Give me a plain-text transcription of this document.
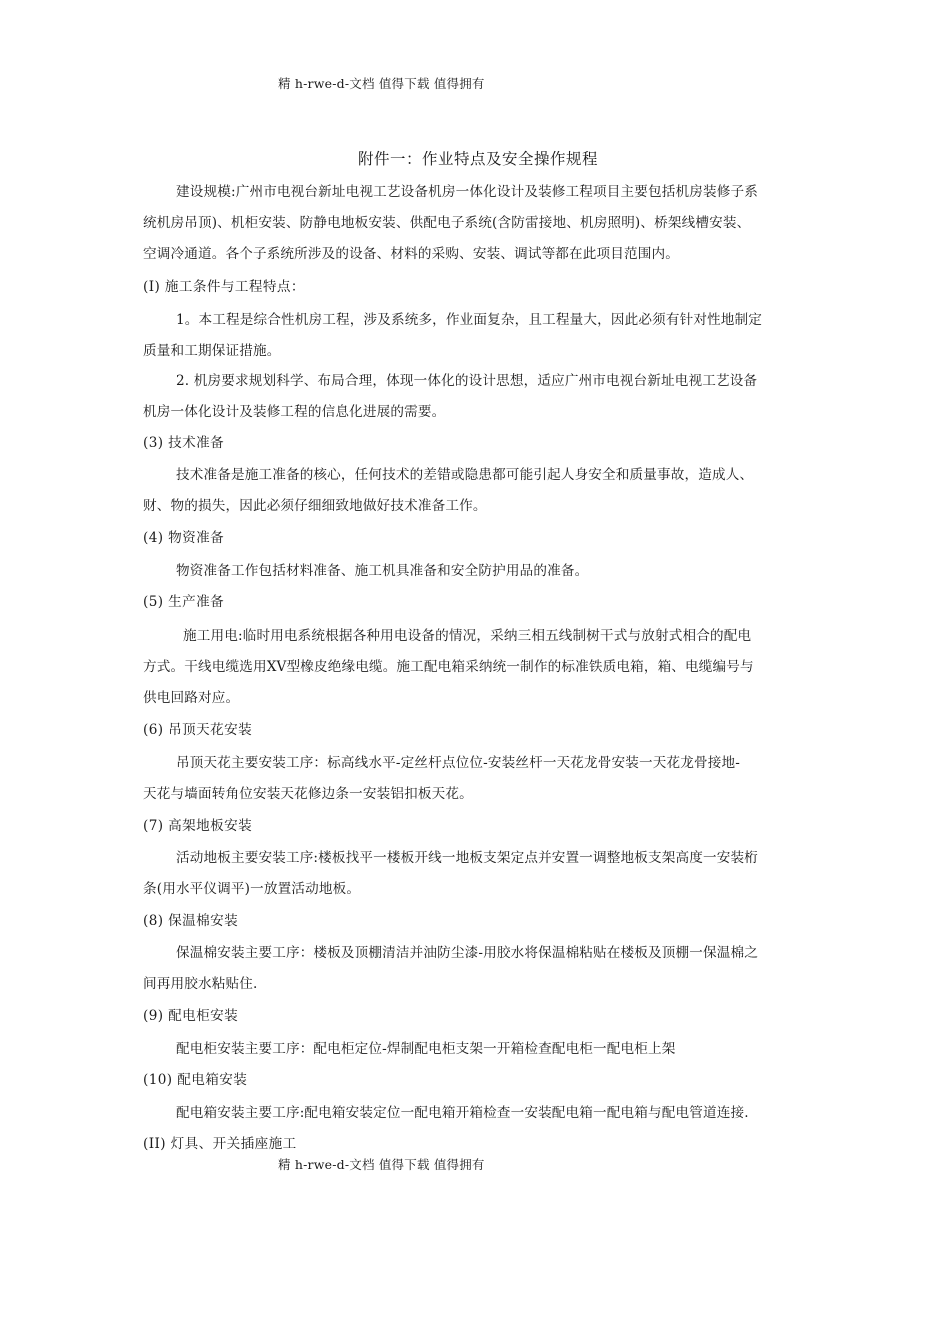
精 h-rwe-d-文档 值得下载 值得拥有
附件一：作业特点及安全操作规程
建设规模:广州市电视台新址电视工艺设备机房一体化设计及装修工程项目主要包括机房装修子系
统机房吊顶)、机柜安装、防静电地板安装、供配电子系统(含防雷接地、机房照明)、桥架线槽安装、
空调冷通道。各个子系统所涉及的设备、材料的采购、安装、调试等都在此项目范围内。
(I) 施工条件与工程特点：
1。本工程是综合性机房工程，涉及系统多，作业面复杂，且工程量大，因此必须有针对性地制定
质量和工期保证措施。
2. 机房要求规划科学、布局合理，体现一体化的设计思想，适应广州市电视台新址电视工艺设备
机房一体化设计及装修工程的信息化进展的需要。
(3) 技术准备
技术准备是施工准备的核心，任何技术的差错或隐患都可能引起人身安全和质量事故，造成人、
财、物的损失，因此必须仔细细致地做好技术准备工作。
(4) 物资准备
物资准备工作包括材料准备、施工机具准备和安全防护用品的准备。
(5) 生产准备
施工用电:临时用电系统根据各种用电设备的情况，采纳三相五线制树干式与放射式相合的配电
方式。干线电缆选用XV型橡皮绝缘电缆。施工配电箱采纳统一制作的标准铁质电箱，箱、电缆编号与
供电回路对应。
(6) 吊顶天花安装
吊顶天花主要安装工序：标高线水平-定丝杆点位位-安装丝杆一天花龙骨安装一天花龙骨接地-
天花与墙面转角位安装天花修边条一安装铝扣板天花。
(7) 高架地板安装
活动地板主要安装工序:楼板找平一楼板开线一地板支架定点并安置一调整地板支架高度一安装桁
条(用水平仪调平)一放置活动地板。
(8) 保温棉安装
保温棉安装主要工序：楼板及顶棚清洁并油防尘漆-用胶水将保温棉粘贴在楼板及顶棚一保温棉之
间再用胶水粘贴住.
(9) 配电柜安装
配电柜安装主要工序：配电柜定位-焊制配电柜支架一开箱检查配电柜一配电柜上架
(10) 配电箱安装
配电箱安装主要工序:配电箱安装定位一配电箱开箱检查一安装配电箱一配电箱与配电管道连接.
(II) 灯具、开关插座施工
精 h-rwe-d-文档 值得下载 值得拥有
